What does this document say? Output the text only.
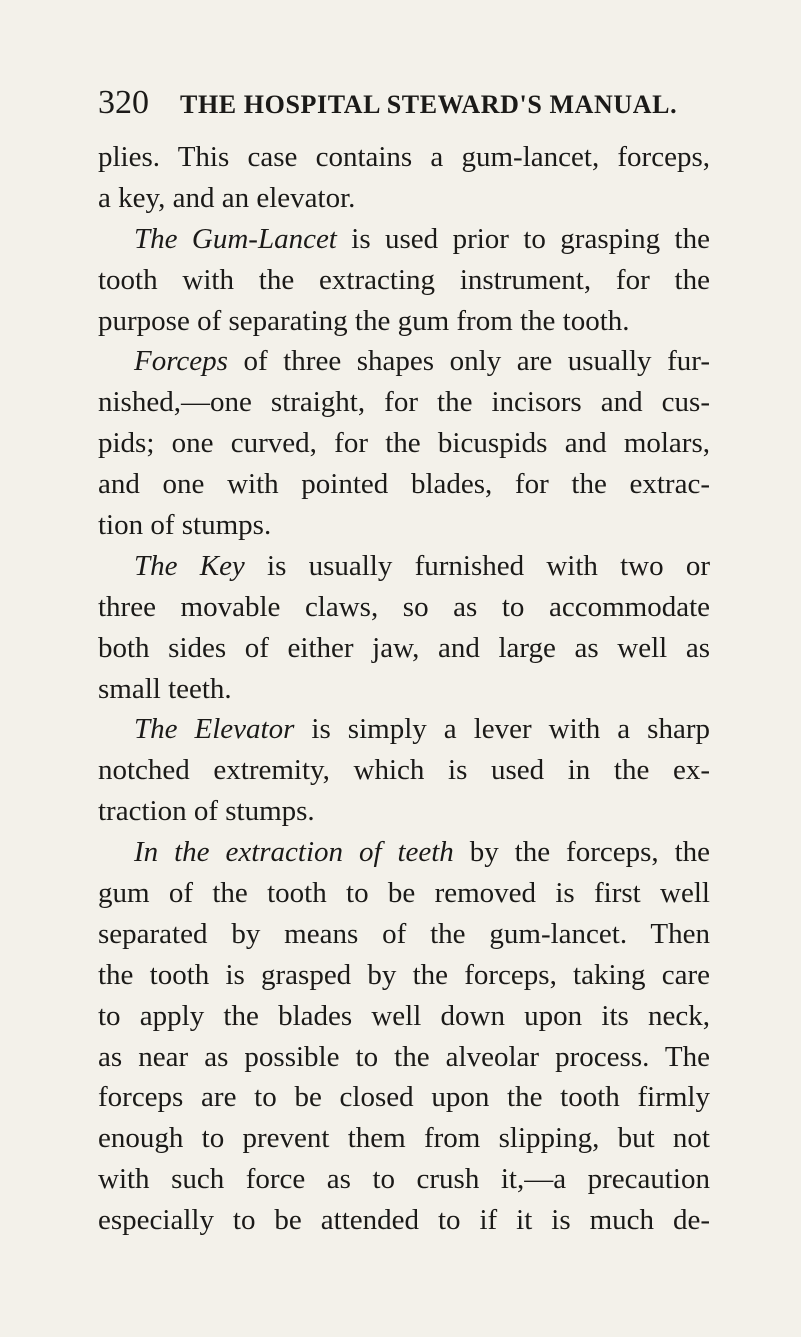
320 THE HOSPITAL STEWARD'S MANUAL.
plies. This case contains a gum-lancet, forceps,
a key, and an elevator.
The Gum-Lancet is used prior to grasping the
tooth with the extracting instrument, for the
purpose of separating the gum from the tooth.
Forceps of three shapes only are usually fur-
nished,—one straight, for the incisors and cus-
pids; one curved, for the bicuspids and molars,
and one with pointed blades, for the extrac-
tion of stumps.
The Key is usually furnished with two or
three movable claws, so as to accommodate
both sides of either jaw, and large as well as
small teeth.
The Elevator is simply a lever with a sharp
notched extremity, which is used in the ex-
traction of stumps.
In the extraction of teeth by the forceps, the
gum of the tooth to be removed is first well
separated by means of the gum-lancet. Then
the tooth is grasped by the forceps, taking care
to apply the blades well down upon its neck,
as near as possible to the alveolar process. The
forceps are to be closed upon the tooth firmly
enough to prevent them from slipping, but not
with such force as to crush it,—a precaution
especially to be attended to if it is much de-
